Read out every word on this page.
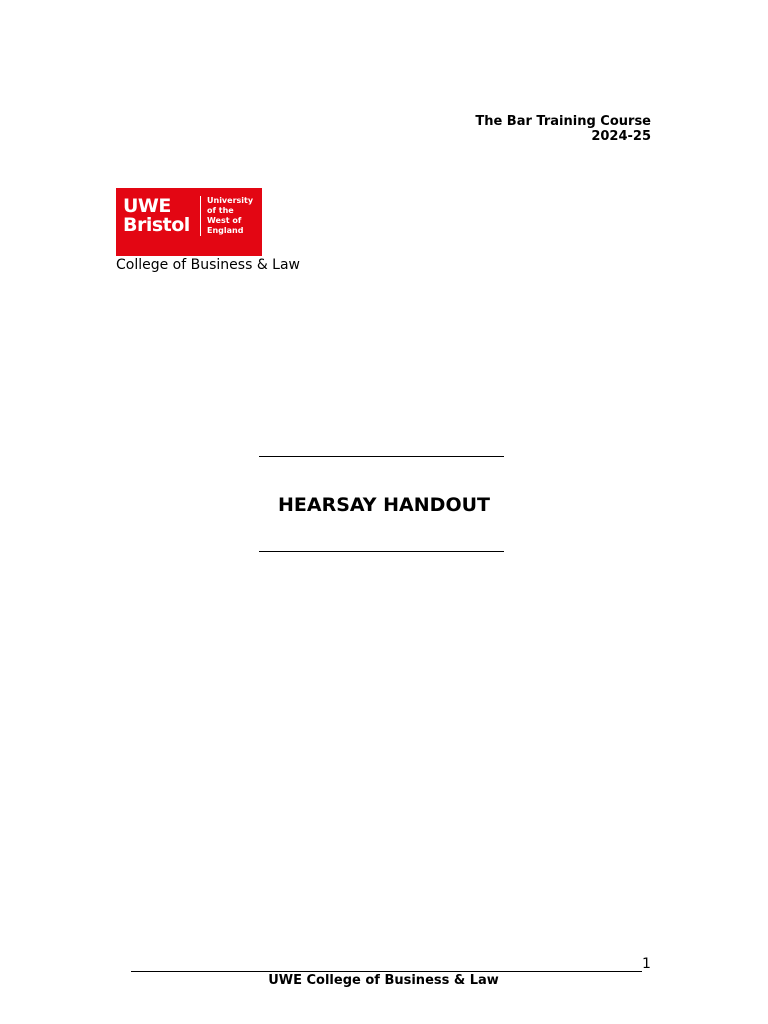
The Bar Training Course
2024-25
UWE
Bristol
University
of the
West of
England
College of Business & Law
HEARSAY HANDOUT
1
UWE College of Business & Law
